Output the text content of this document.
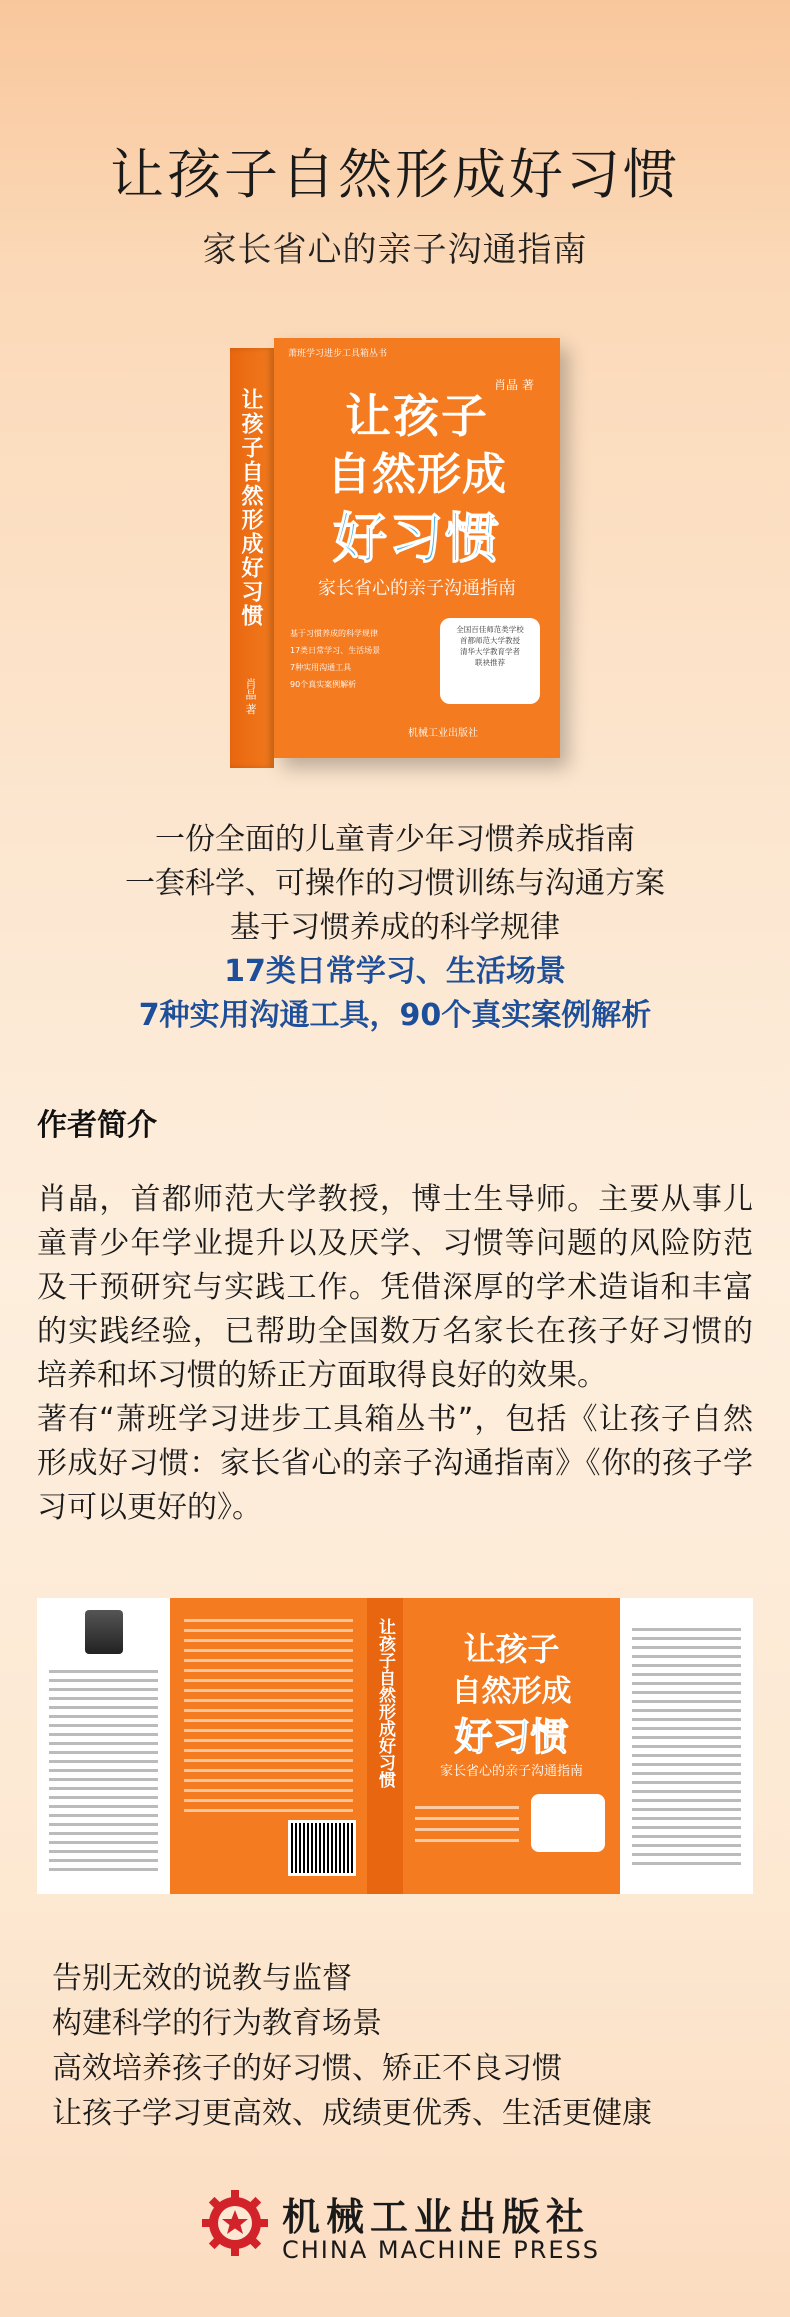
让孩子自然形成好习惯
家长省心的亲子沟通指南
让孩子自然形成好习惯
肖晶 著
萧班学习进步工具箱丛书
肖晶 著
让孩子
自然形成
好习惯
家长省心的亲子沟通指南
基于习惯养成的科学规律
17类日常学习、生活场景
7种实用沟通工具
90个真实案例解析
全国百佳师范类学校
首都师范大学教授
清华大学教育学者
联袂推荐
机械工业出版社
一份全面的儿童青少年习惯养成指南
一套科学、可操作的习惯训练与沟通方案
基于习惯养成的科学规律
17类日常学习、生活场景
7种实用沟通工具，90个真实案例解析
作者简介

肖晶，首都师范大学教授，博士生导师。主要从事儿童青少年学业提升以及厌学、习惯等问题的风险防范及干预研究与实践工作。凭借深厚的学术造诣和丰富的实践经验，已帮助全国数万名家长在孩子好习惯的培养和坏习惯的矫正方面取得良好的效果。

著有“萧班学习进步工具箱丛书”，包括《让孩子自然形成好习惯：家长省心的亲子沟通指南》《你的孩子学习可以更好的》。

让孩子自然形成好习惯	让孩子
自然形成
好习惯
家长省心的亲子沟通指南
告别无效的说教与监督
构建科学的行为教育场景
高效培养孩子的好习惯、矫正不良习惯
让孩子学习更高效、成绩更优秀、生活更健康
机械工业出版社
CHINA MACHINE PRESS
